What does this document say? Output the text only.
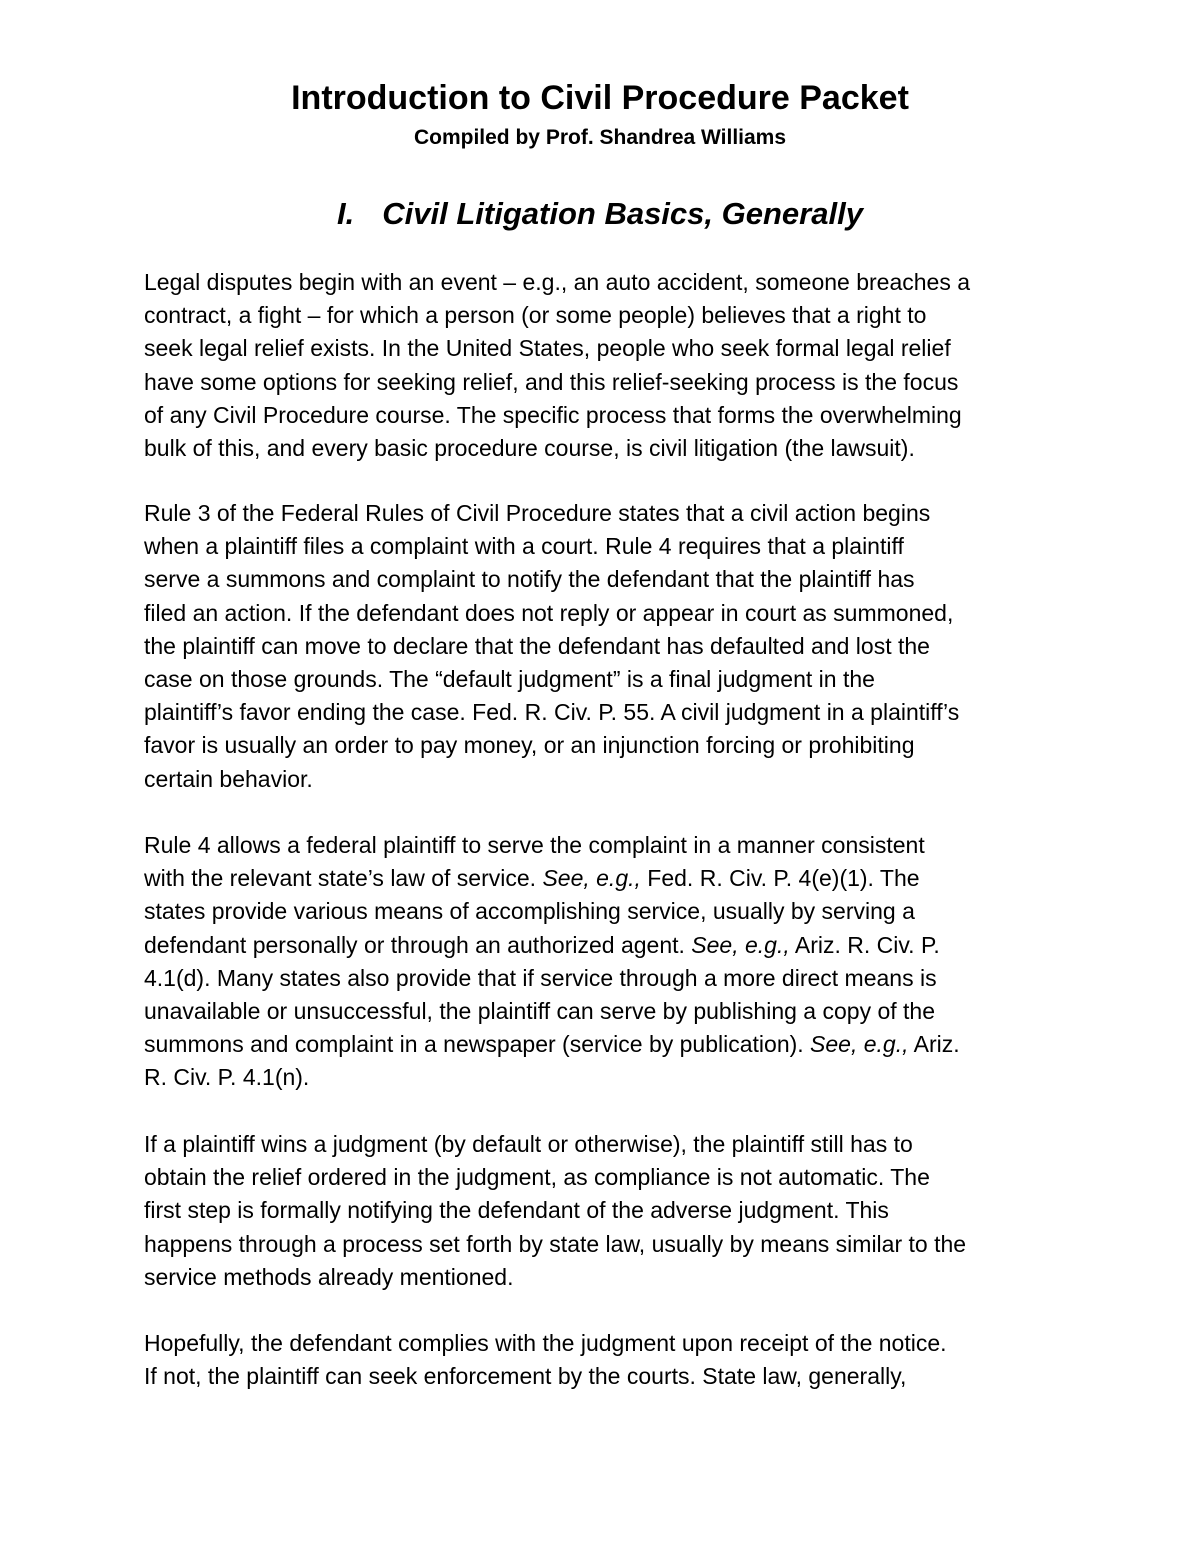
Introduction to Civil Procedure Packet
Compiled by Prof. Shandrea Williams
I. Civil Litigation Basics, Generally

Legal disputes begin with an event – e.g., an auto accident, someone breaches a
contract, a fight – for which a person (or some people) believes that a right to
seek legal relief exists. In the United States, people who seek formal legal relief
have some options for seeking relief, and this relief-seeking process is the focus
of any Civil Procedure course. The specific process that forms the overwhelming
bulk of this, and every basic procedure course, is civil litigation (the lawsuit).

Rule 3 of the Federal Rules of Civil Procedure states that a civil action begins
when a plaintiff files a complaint with a court. Rule 4 requires that a plaintiff
serve a summons and complaint to notify the defendant that the plaintiff has
filed an action. If the defendant does not reply or appear in court as summoned,
the plaintiff can move to declare that the defendant has defaulted and lost the
case on those grounds. The “default judgment” is a final judgment in the
plaintiff’s favor ending the case. Fed. R. Civ. P. 55. A civil judgment in a plaintiff’s
favor is usually an order to pay money, or an injunction forcing or prohibiting
certain behavior.

Rule 4 allows a federal plaintiff to serve the complaint in a manner consistent
with the relevant state’s law of service. See, e.g., Fed. R. Civ. P. 4(e)(1). The
states provide various means of accomplishing service, usually by serving a
defendant personally or through an authorized agent. See, e.g., Ariz. R. Civ. P.
4.1(d). Many states also provide that if service through a more direct means is
unavailable or unsuccessful, the plaintiff can serve by publishing a copy of the
summons and complaint in a newspaper (service by publication). See, e.g., Ariz.
R. Civ. P. 4.1(n).

If a plaintiff wins a judgment (by default or otherwise), the plaintiff still has to
obtain the relief ordered in the judgment, as compliance is not automatic. The
first step is formally notifying the defendant of the adverse judgment. This
happens through a process set forth by state law, usually by means similar to the
service methods already mentioned.

Hopefully, the defendant complies with the judgment upon receipt of the notice.
If not, the plaintiff can seek enforcement by the courts. State law, generally,
